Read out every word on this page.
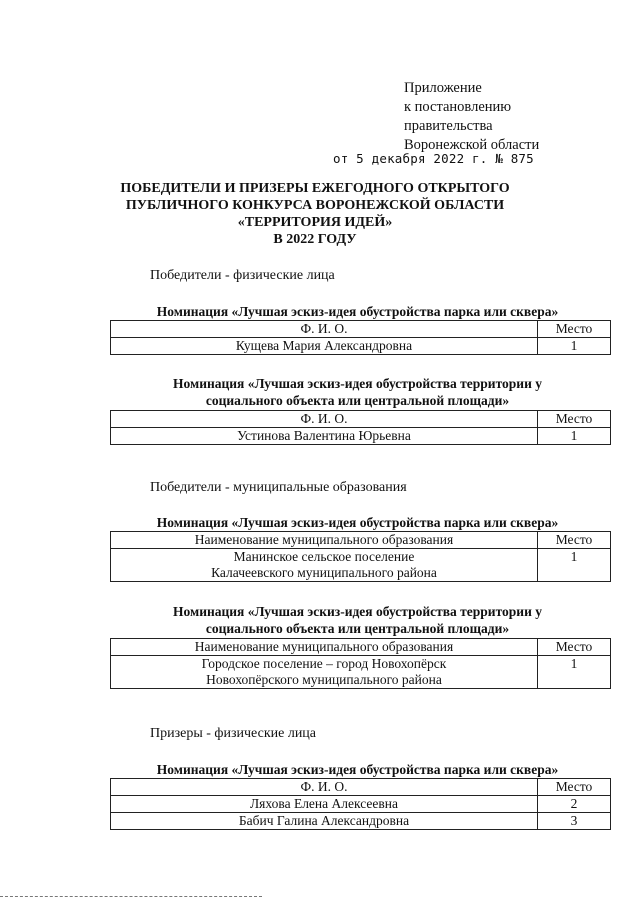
Приложение
к постановлению
правительства
Воронежской области
от 5 декабря 2022 г. № 875
ПОБЕДИТЕЛИ И ПРИЗЕРЫ ЕЖЕГОДНОГО ОТКРЫТОГО
ПУБЛИЧНОГО КОНКУРСА ВОРОНЕЖСКОЙ ОБЛАСТИ
«ТЕРРИТОРИЯ ИДЕЙ»
В 2022 ГОДУ
Победители - физические лица
Номинация «Лучшая эскиз-идея обустройства парка или сквера»
Ф. И. О.	Место

Кущева Мария Александровна	1
Номинация «Лучшая эскиз-идея обустройства территории у
социального объекта или центральной площади»
Ф. И. О.	Место

Устинова Валентина Юрьевна	1
Победители - муниципальные образования
Номинация «Лучшая эскиз-идея обустройства парка или сквера»
Наименование муниципального образования	Место

Манинское сельское поселение
Калачеевского муниципального района	1
Номинация «Лучшая эскиз-идея обустройства территории у
социального объекта или центральной площади»
Наименование муниципального образования	Место

Городское поселение – город Новохопёрск
Новохопёрского муниципального района	1
Призеры - физические лица
Номинация «Лучшая эскиз-идея обустройства парка или сквера»
Ф. И. О.	Место

Ляхова Елена Алексеевна	2

Бабич Галина Александровна	3
